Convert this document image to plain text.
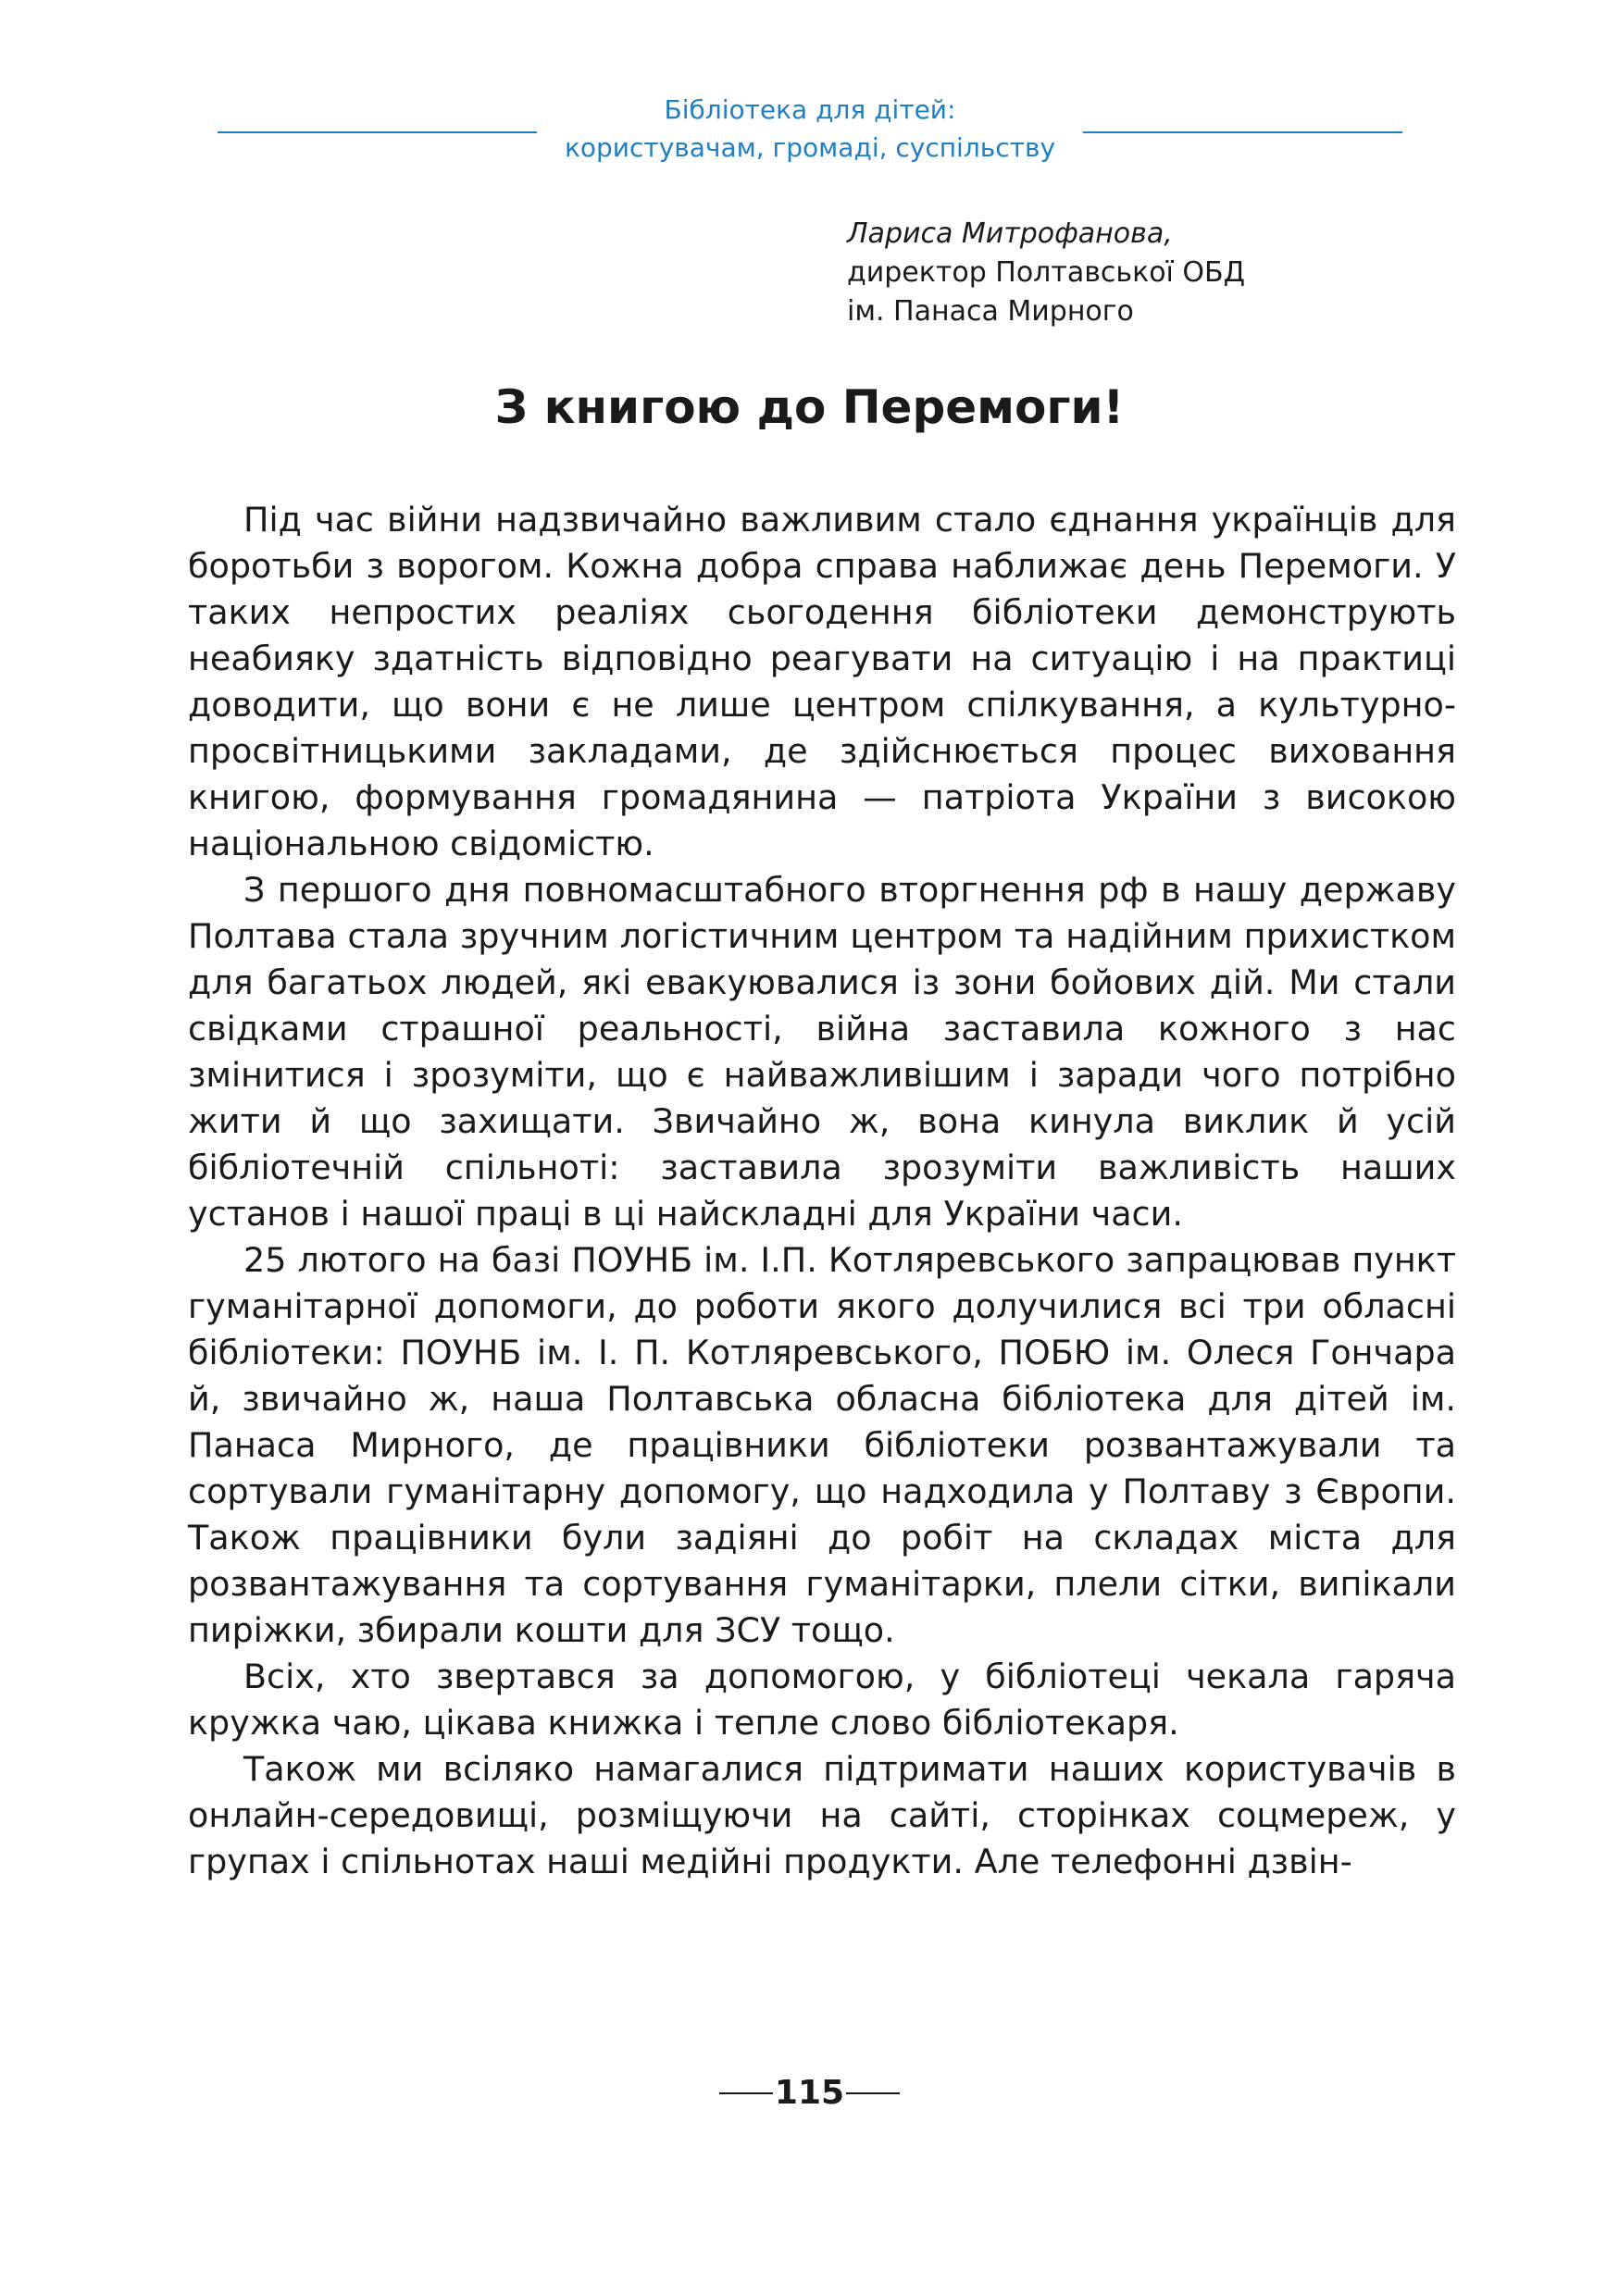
Бібліотека для дітей:
користувачам, громаді, суспільству
Лариса Митрофанова,
директор Полтавської ОБД
ім. Панаса Мирного
З книгою до Перемоги!

Під час війни надзвичайно важливим стало єднання українців для боротьби з ворогом. Кожна добра справа наближає день Перемоги. У таких непростих реаліях сьогодення бібліотеки демонструють неабияку здатність відповідно реагувати на ситуацію і на практиці доводити, що вони є не лише центром спілкування, а культурно-просвітницькими закладами, де здійснюється процес виховання книгою, формування громадянина — патріота України з високою національною свідомістю.

З першого дня повномасштабного вторгнення рф в нашу державу Полтава стала зручним логістичним центром та надійним прихистком для багатьох людей, які евакуювалися із зони бойових дій. Ми стали свідками страшної реальності, війна заставила кожного з нас змінитися і зрозуміти, що є найважливішим і заради чого потрібно жити й що захищати. Звичайно ж, вона кинула виклик й усій бібліотечній спільноті: заставила зрозуміти важливість наших установ і нашої праці в ці найскладні для України часи.

25 лютого на базі ПОУНБ ім. І.П. Котляревського запрацював пункт гуманітарної допомоги, до роботи якого долучилися всі три обласні бібліотеки: ПОУНБ ім. І. П. Котляревського, ПОБЮ ім. Олеся Гончара й, звичайно ж, наша Полтавська обласна бібліотека для дітей ім. Панаса Мирного, де працівники бібліотеки розвантажували та сортували гуманітарну допомогу, що надходила у Полтаву з Європи. Також працівники були задіяні до робіт на складах міста для розвантажування та сортування гуманітарки, плели сітки, випікали пиріжки, збирали кошти для ЗСУ тощо.

Всіх, хто звертався за допомогою, у бібліотеці чекала гаряча кружка чаю, цікава книжка і тепле слово бібліотекаря.

Також ми всіляко намагалися підтримати наших користувачів в онлайн-середовищі, розміщуючи на сайті, сторінках соцмереж, у групах і спільнотах наші медійні продукти. Але телефонні дзвін-

115
